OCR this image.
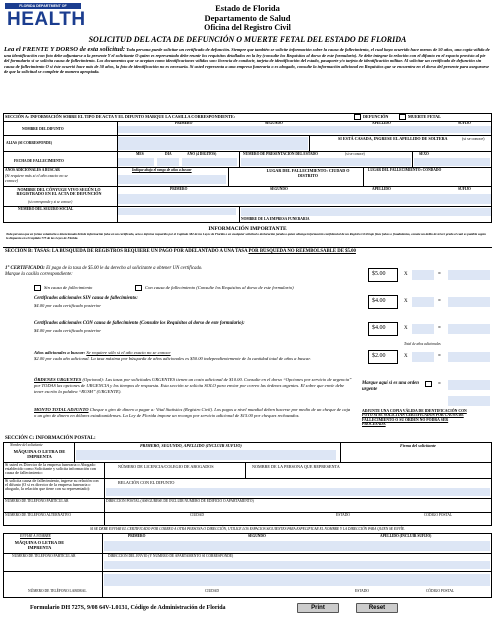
FLORIDA DEPARTMENT OF
HEALTH
Estado de Florida
Departamento de Salud
Oficina del Registro Civil
SOLICITUD DEL ACTA DE DEFUNCIÓN O MUERTE FETAL DEL ESTADO DE FLORIDA
Lea el FRENTE Y DORSO de esta solicitud: Toda persona puede solicitar un certificado de defunción. Siempre que también se solicite información sobre la causa de fallecimiento, el cual haya ocurrido hace menos de 50 años, una copia válida de una identificación con foto debe adjuntarse a la presente Y el solicitante O quien es representado debe reunir los requisitos detallados en la ley (consulte los Requisitos al dorso de este formulario). Se debe integrar la relación con el difunto en el espacio provisto al pie del formulario si se solicita causa de fallecimiento. Los documentos que se aceptan como identificaciones válidas son: licencia de conducir, tarjeta de identificación del estado, pasaporte y/o tarjeta de identificación militar. Al solicitar un certificado de defunción sin causa de fallecimiento O si éste ocurrió hace más de 50 años, la foto de identificación no es necesaria. Si usted representa a una empresa funeraria o es abogado, consulte la información adicional en Requisitos que se encuentra en el dorso del presente para asegurarse de que la solicitud se complete de manera apropiada.
SECCIÓN A: INFORMACIÓN SOBRE EL TIPO DE ACTA Y EL DIFUNTO MARQUE LA CASILLA CORRESPONDIENTE:	DEFUNCIÓN	MUERTE FETAL
PRIMERO	SEGUNDO	APELLIDO	SUFIJO
NOMBRE DEL DIFUNTO
ALIAS (SI CORRESPONDE)
SI ESTÁ CASADA, INGRESE EL APELLIDO DE SOLTERA	(si se conoce)
FECHA DE FALLECIMIENTO
MES	DÍA	AÑO (4 DÍGITOS)	NÚMERO DE PRESENTACIÓN DEL ESTADO	(si se conoce)	SEXO
AÑOS ADICIONALES A BUSCAR
(Si requiere más si el año exacto no se conoce)
Indique abajo el rango de años a buscar	LUGAR DEL FALLECIMIENTO: CIUDAD O DISTRITO
LUGAR DEL FALLECIMIENTO: CONDADO
NOMBRE DEL CÓNYUGE VIVO SEGÚN LO REGISTRADO EN EL ACTA DE DEFUNCIÓN
(si corresponde y si se conoce)
PRIMERO	SEGUNDO	APELLIDO	SUFIJO
NÚMERO DEL SEGURO SOCIAL
NOMBRE DE LA EMPRESA FUNERARIA
INFORMACIÓN IMPORTANTE
Toda persona que en forma voluntaria o intencionada brinde información falsa en un certificado, acta o informe requerido por el Capítulo 382 de las Leyes de Florida o en cualquier solicitud o declaración jurada o quien obtenga información confidencial de un Registro Civil bajo fines falsos o fraudulentos, comete un delito de tercer grado el cual es punible según lo dispuesto en el Capítulo 775 de las Leyes de Florida.
SECCIÓN B: TASAS: LA BÚSQUEDA DE REGISTROS REQUIERE UN PAGO POR ADELANTADO A UNA TASA POR BÚSQUEDA NO REEMBOLSABLE DE $5.00
1° CERTIFICADO: El pago de la tasa de $5.00 le da derecho al solicitante a obtener UN certificado. Marque la casilla correspondiente:
Sin causa de fallecimiento	Con causa de fallecimiento (Consulte los Requisitos al dorso de este formulario)
$5.00	X	=
Certificados adicionales SIN causa de fallecimiento:
$4.00 por cada certificado posterior
$4.00	X	=
Certificados adicionales CON causa de fallecimiento (Consulte los Requisitos al dorso de este formulario):
$4.00 por cada certificado posterior	$4.00	X	=
Total de años adicionales
Años adicionales a buscar: Se requiere sólo si el año exacto no se conoce
$2.00 por cada año adicional. La tasa máxima por búsqueda de años adicionales es $50.00 independientemente de la cantidad total de años a buscar.	$2.00	X	=
ÓRDENES URGENTES (Opcional): Las tasas por solicitudes URGENTES tienen un costo adicional de $10.00. Consulte en el dorso “Opciones por servicio de urgencia” por TODAS las opciones de URGENCIA y los tiempos de respuesta. Esta sección se solicita SOLO para enviar por correo las órdenes urgentes. El sobre que envíe debe tener escrito la palabra “RUSH” (URGENTE).
Marque aquí si es una orden urgente
=
MONTO TOTAL ADJUNTO Cheque o giro de dinero a pagar a: Vital Statistics (Registro Civil). Los pagos a nivel mundial deben hacerse por medio de un cheque de caja o un giro de dinero en dólares estadounidenses. La Ley de Florida impone un recargo por servicio adicional de $15.00 por cheques rechazados.
ADJUNTE UNA COPIA VÁLIDA DE IDENTIFICACIÓN CON FOTO SI SE SOLICITAN CERTIFICADOS POR CAUSA DE FALLECIMIENTO O SU ORDEN NO PODRÁ SER PROCESADA
SECCIÓN C: INFORMACIÓN POSTAL:
Nombre del solicitante
MÁQUINA O LETRA DE IMPRENTA
PRIMERO, SEGUNDO, APELLIDO (INCLUIR SUFIJO)	Firma del solicitante
Si usted es Director de la empresa funeraria o Abogado establecido como Solicitante y solicita información con causa de fallecimiento:
NÚMERO DE LICENCIA/COLEGIO DE ABOGADOS	NOMBRE DE LA PERSONA QUE REPRESENTA
Si solicita causa de fallecimiento, ingrese su relación con el difunto (O si es director de la empresa funeraria o abogado, la relación que tiene con su representado):
RELACIÓN CON EL DIFUNTO
NÚMERO DE TELÉFONO PARTICULAR	DIRECCIÓN POSTAL (ASEGÚRESE DE INCLUIR NÚMERO DE EDIFICIO O APARTAMENTO)
NÚMERO DE TELÉFONO ALTERNATIVO	CIUDAD	ESTADO	CÓDIGO POSTAL
SI SE DEBE ENVIAR EL CERTIFICADO POR CORREO A OTRA PERSONA O DIRECCIÓN, UTILICE LOS ESPACIOS SIGUIENTES PARA ESPECIFICAR EL NOMBRE Y LA DIRECCIÓN PARA QUIEN SE ENVÍE.
ENVIAR A NOMBRE
MÁQUINA O LETRA DE IMPRENTA
PRIMERO	SEGUNDO	APELLIDO (INCLUIR SUFIJO)
NÚMERO DE TELÉFONO PARTICULAR	DIRECCIÓN DEL ENVÍO (Y NÚMERO DE APARTAMENTO SI CORRESPONDE)
NÚMERO DE TELÉFONO LABORAL	CIUDAD	ESTADO	CÓDIGO POSTAL
Formulario DH 727S, 9/08 64V-1.0131, Código de Administración de Florida	Print	Reset
